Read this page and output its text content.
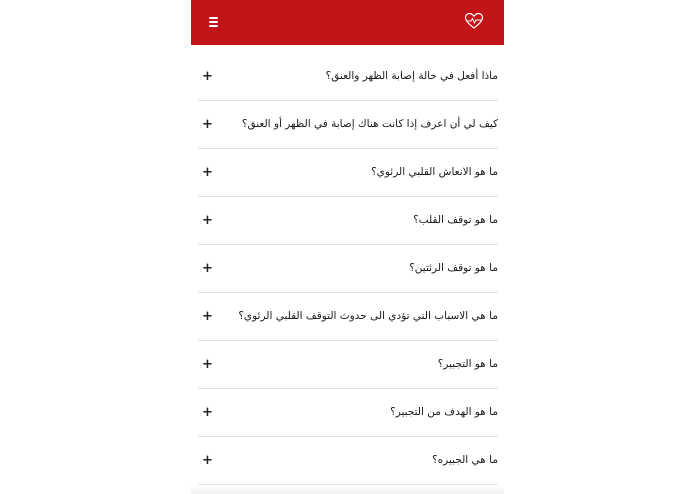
+	ماذا أفعل في حالة إصابة الظهر والعنق؟
+	كيف لي أن اعرف إذا كانت هناك إصابة في الظهر أو العنق؟
+	ما هو الانعاش القلبي الرئوي؟
+	ما هو توقف القلب؟
+	ما هو توقف الرئتين؟
+	ما هي الاسباب التي تؤدي الى حدوث التوقف القلبي الرئوي؟
+	ما هو التجبير؟
+	ما هو الهدف من التجبير؟
+	ما هي الجبيره؟
